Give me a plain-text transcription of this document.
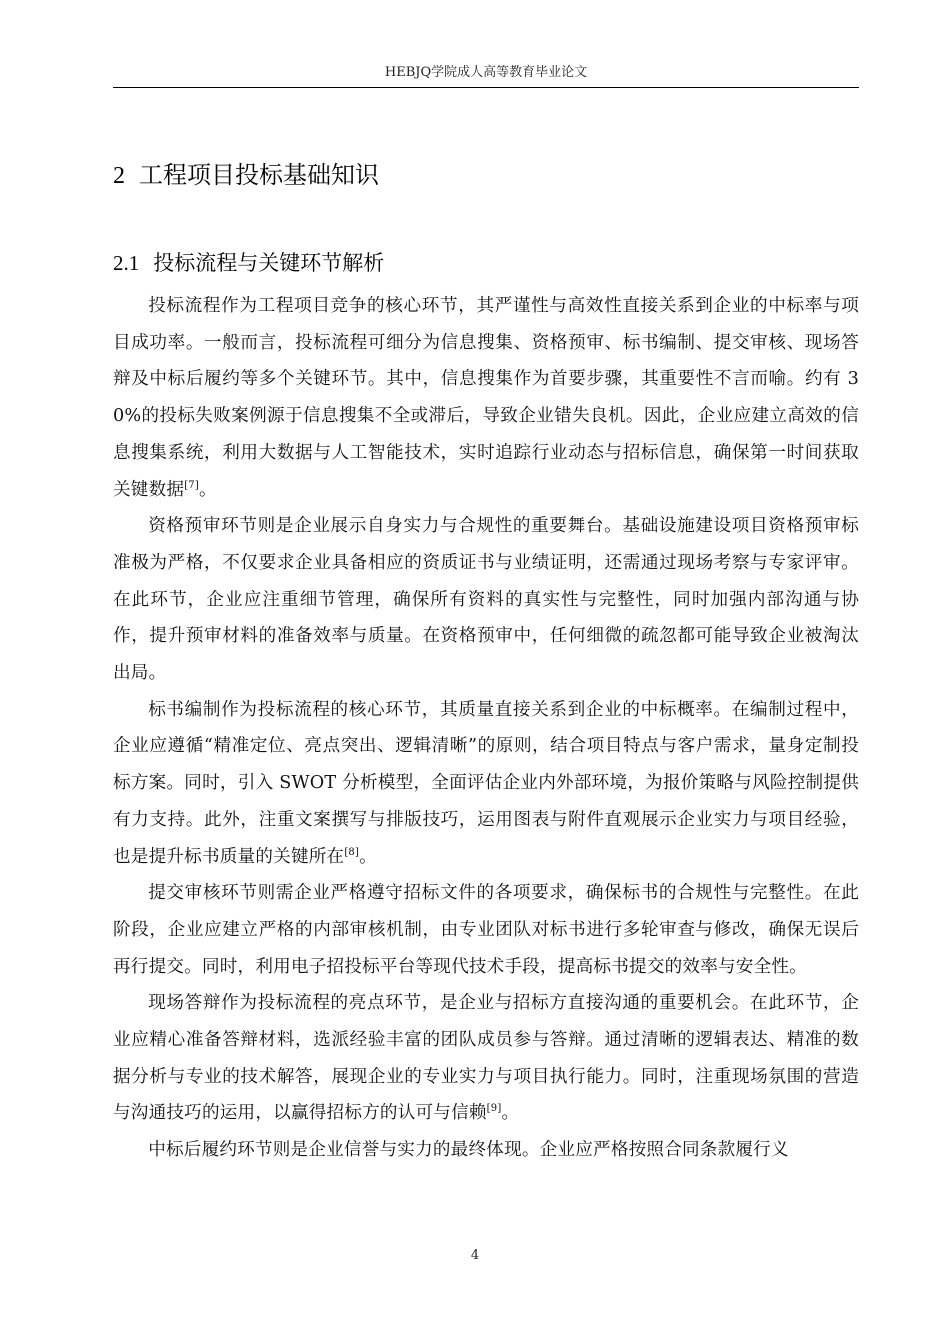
HEBJQ学院成人高等教育毕业论文
2 工程项目投标基础知识
2.1 投标流程与关键环节解析

投标流程作为工程项目竞争的核心环节，其严谨性与高效性直接关系到企业的中标率与项目成功率。一般而言，投标流程可细分为信息搜集、资格预审、标书编制、提交审核、现场答辩及中标后履约等多个关键环节。其中，信息搜集作为首要步骤，其重要性不言而喻。约有 30%的投标失败案例源于信息搜集不全或滞后，导致企业错失良机。因此，企业应建立高效的信息搜集系统，利用大数据与人工智能技术，实时追踪行业动态与招标信息，确保第一时间获取关键数据[7]。

资格预审环节则是企业展示自身实力与合规性的重要舞台。基础设施建设项目资格预审标准极为严格，不仅要求企业具备相应的资质证书与业绩证明，还需通过现场考察与专家评审。在此环节，企业应注重细节管理，确保所有资料的真实性与完整性，同时加强内部沟通与协作，提升预审材料的准备效率与质量。在资格预审中，任何细微的疏忽都可能导致企业被淘汰出局。

标书编制作为投标流程的核心环节，其质量直接关系到企业的中标概率。在编制过程中，企业应遵循“精准定位、亮点突出、逻辑清晰”的原则，结合项目特点与客户需求，量身定制投标方案。同时，引入 SWOT 分析模型，全面评估企业内外部环境，为报价策略与风险控制提供有力支持。此外，注重文案撰写与排版技巧，运用图表与附件直观展示企业实力与项目经验，也是提升标书质量的关键所在[8]。

提交审核环节则需企业严格遵守招标文件的各项要求，确保标书的合规性与完整性。在此阶段，企业应建立严格的内部审核机制，由专业团队对标书进行多轮审查与修改，确保无误后再行提交。同时，利用电子招投标平台等现代技术手段，提高标书提交的效率与安全性。

现场答辩作为投标流程的亮点环节，是企业与招标方直接沟通的重要机会。在此环节，企业应精心准备答辩材料，选派经验丰富的团队成员参与答辩。通过清晰的逻辑表达、精准的数据分析与专业的技术解答，展现企业的专业实力与项目执行能力。同时，注重现场氛围的营造与沟通技巧的运用，以赢得招标方的认可与信赖[9]。

中标后履约环节则是企业信誉与实力的最终体现。企业应严格按照合同条款履行义

4
